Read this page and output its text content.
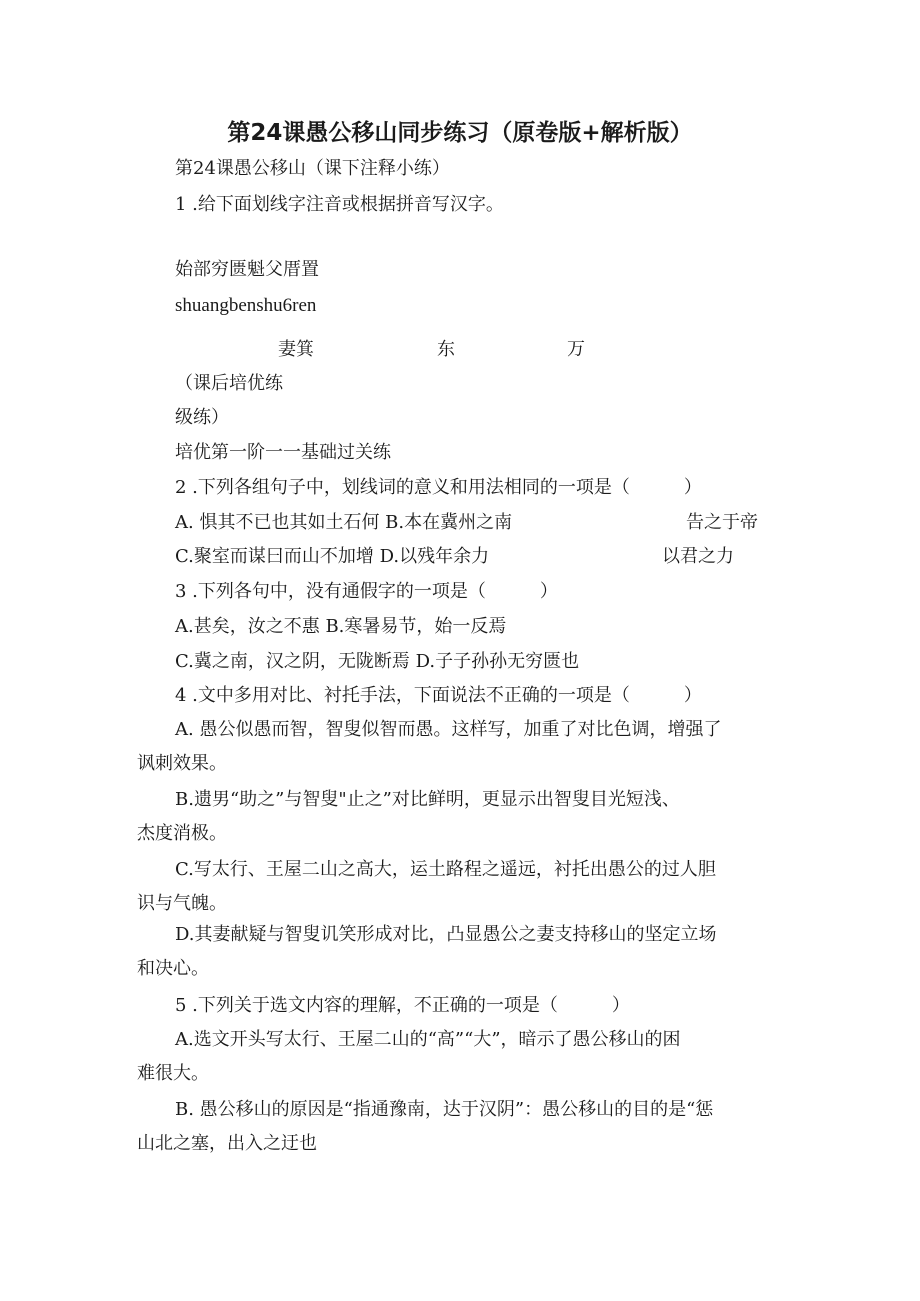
第24课愚公移山同步练习（原卷版+解析版）
第24课愚公移山（课下注释小练）
1 .给下面划线字注音或根据拼音写汉字。
始部穷匮魁父厝置
shuangbenshu6ren
妻箕	东	万
（课后培优练
级练）
培优第一阶一一基础过关练
2 .下列各组句子中，划线词的意义和用法相同的一项是（　　　）
A. 惧其不已也其如土石何 B.本在冀州之南	告之于帝
C.聚室而谋曰而山不加增 D.以残年余力	以君之力
3 .下列各句中，没有通假字的一项是（　　　）
A.甚矣，汝之不惠 B.寒暑易节，始一反焉
C.冀之南，汉之阴，无陇断焉 D.子子孙孙无穷匮也
4 .文中多用对比、衬托手法，下面说法不正确的一项是（　　　）
A. 愚公似愚而智，智叟似智而愚。这样写，加重了对比色调，增强了
讽刺效果。
B.遗男“助之”与智叟"止之”对比鲜明，更显示出智叟目光短浅、
杰度消极。
C.写太行、王屋二山之高大，运土路程之遥远，衬托出愚公的过人胆
识与气魄。
D.其妻献疑与智叟讥笑形成对比，凸显愚公之妻支持移山的坚定立场
和决心。
5 .下列关于选文内容的理解，不正确的一项是（　　　）
A.选文开头写太行、王屋二山的“高”“大”，暗示了愚公移山的困
难很大。
B. 愚公移山的原因是“指通豫南，达于汉阴”：愚公移山的目的是“惩
山北之塞，出入之迂也
